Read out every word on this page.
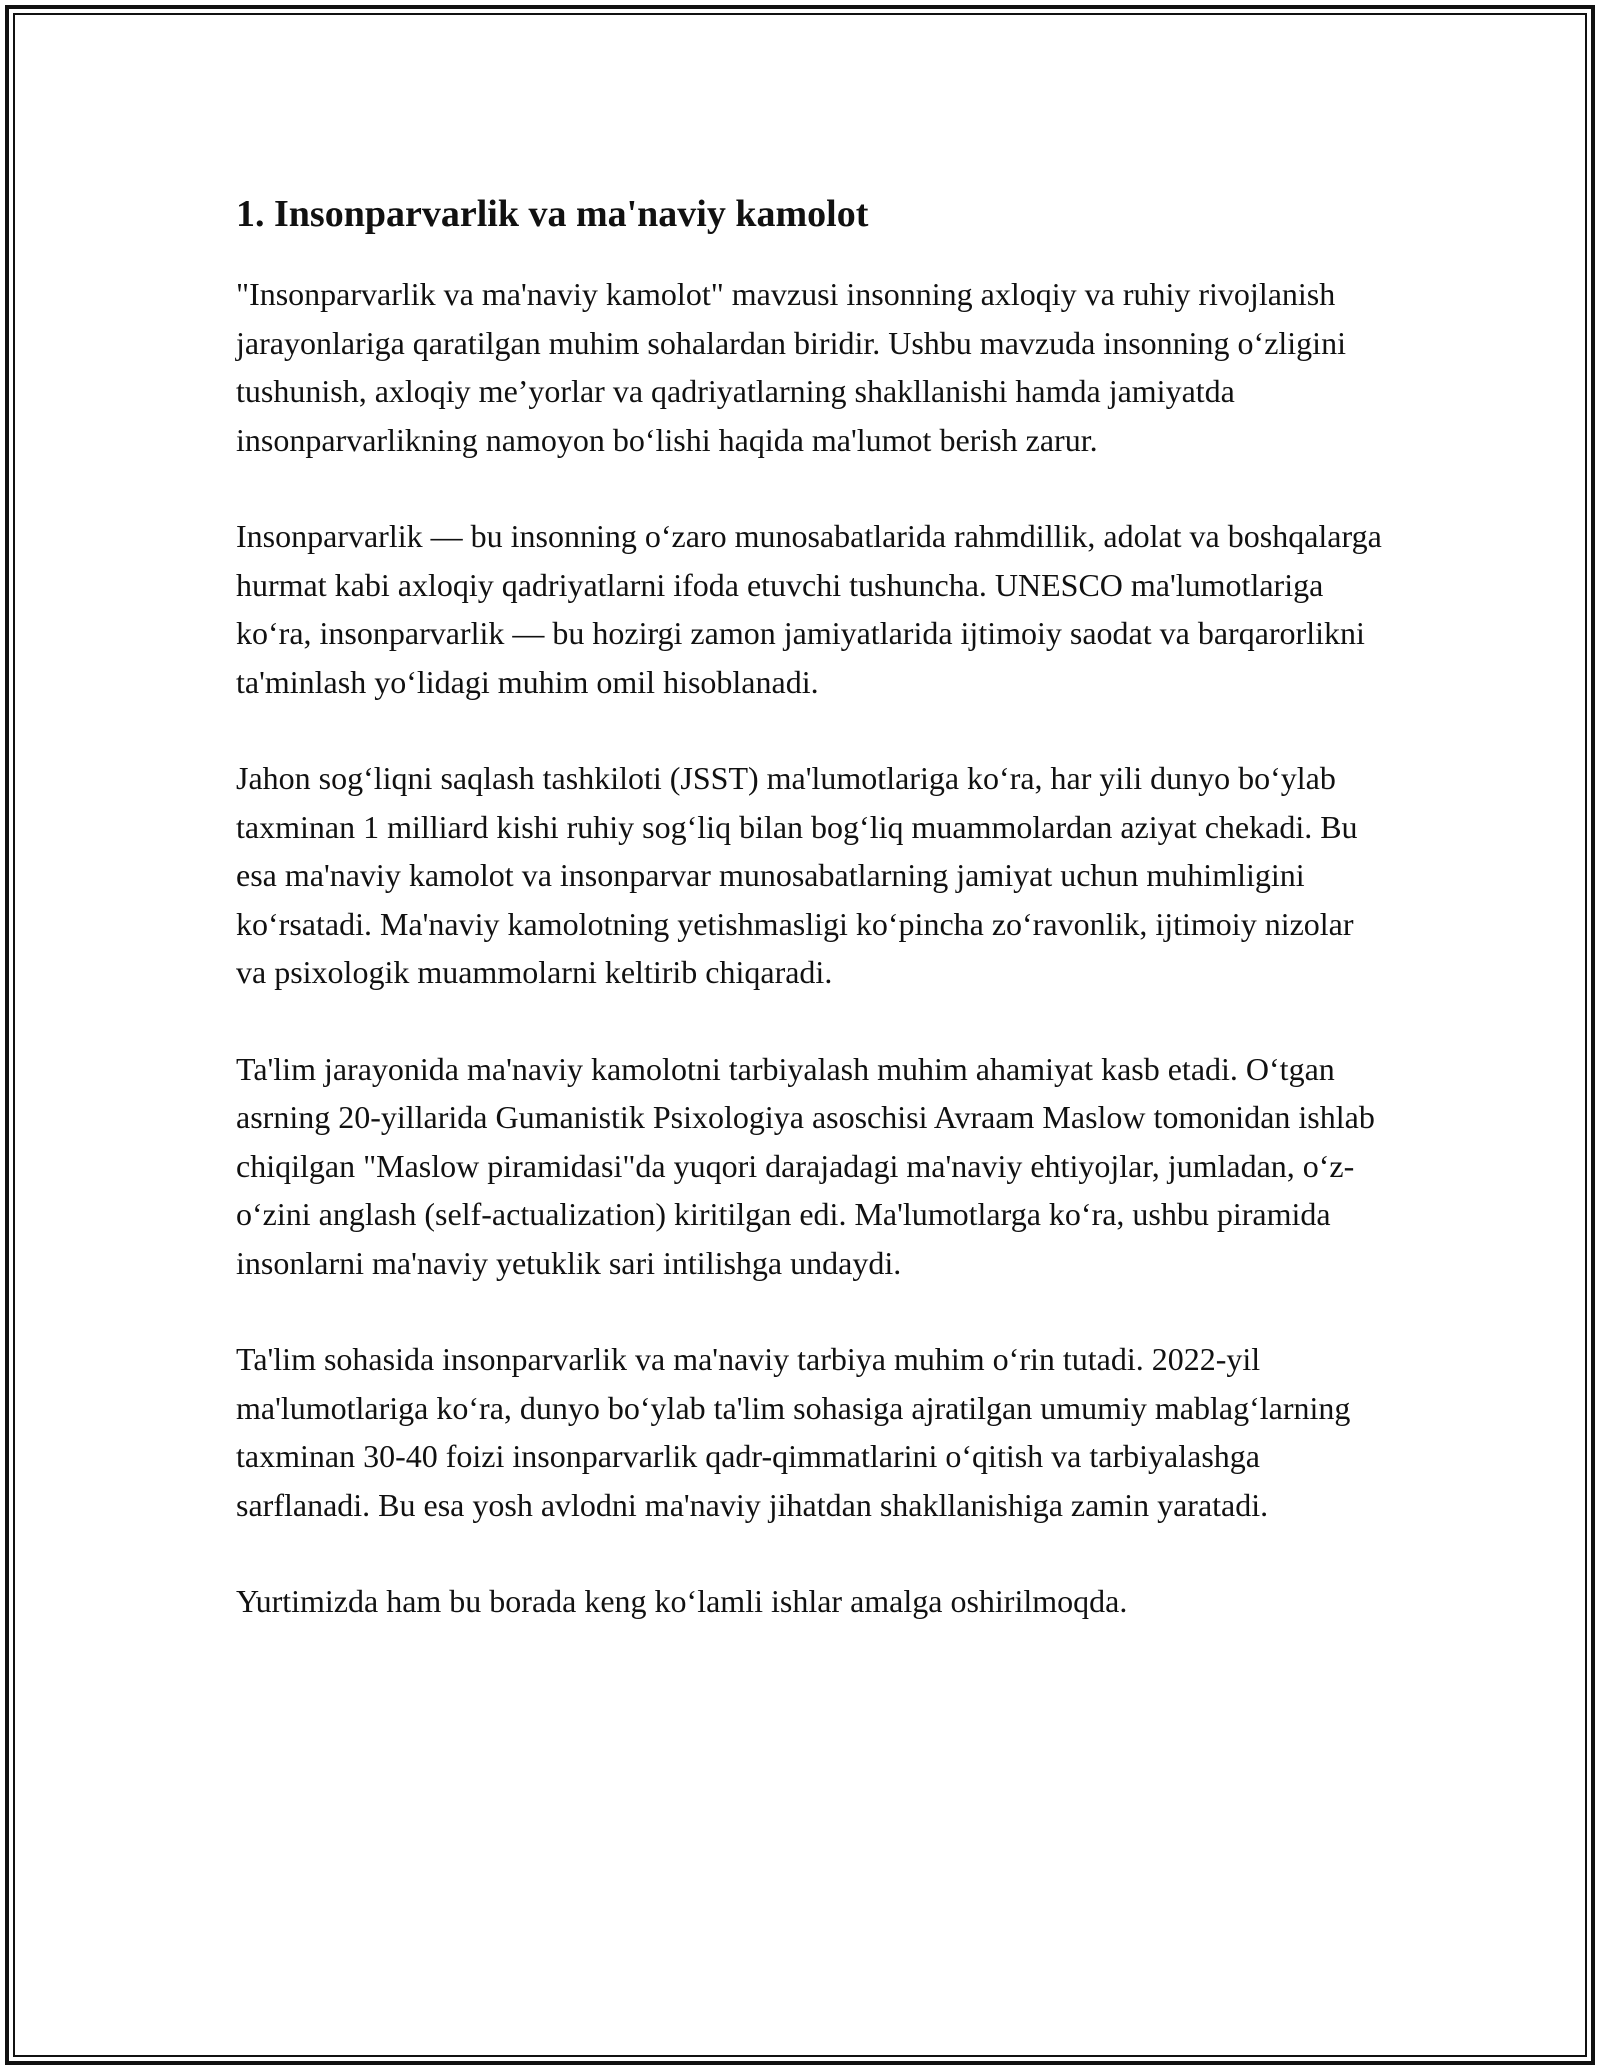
1. Insonparvarlik va ma'naviy kamolot

"Insonparvarlik va ma'naviy kamolot" mavzusi insonning axloqiy va ruhiy rivojlanish jarayonlariga qaratilgan muhim sohalardan biridir. Ushbu mavzuda insonning o‘zligini tushunish, axloqiy me’yorlar va qadriyatlarning shakllanishi hamda jamiyatda insonparvarlikning namoyon bo‘lishi haqida ma'lumot berish zarur.

Insonparvarlik — bu insonning o‘zaro munosabatlarida rahmdillik, adolat va boshqalarga hurmat kabi axloqiy qadriyatlarni ifoda etuvchi tushuncha. UNESCO ma'lumotlariga ko‘ra, insonparvarlik — bu hozirgi zamon jamiyatlarida ijtimoiy saodat va barqarorlikni ta'minlash yo‘lidagi muhim omil hisoblanadi.

Jahon sog‘liqni saqlash tashkiloti (JSST) ma'lumotlariga ko‘ra, har yili dunyo bo‘ylab taxminan 1 milliard kishi ruhiy sog‘liq bilan bog‘liq muammolardan aziyat chekadi. Bu esa ma'naviy kamolot va insonparvar munosabatlarning jamiyat uchun muhimligini ko‘rsatadi. Ma'naviy kamolotning yetishmasligi ko‘pincha zo‘ravonlik, ijtimoiy nizolar va psixologik muammolarni keltirib chiqaradi.

Ta'lim jarayonida ma'naviy kamolotni tarbiyalash muhim ahamiyat kasb etadi. O‘tgan asrning 20-yillarida Gumanistik Psixologiya asoschisi Avraam Maslow tomonidan ishlab chiqilgan "Maslow piramidasi"da yuqori darajadagi ma'naviy ehtiyojlar, jumladan, o‘z-o‘zini anglash (self-actualization) kiritilgan edi. Ma'lumotlarga ko‘ra, ushbu piramida insonlarni ma'naviy yetuklik sari intilishga undaydi.

Ta'lim sohasida insonparvarlik va ma'naviy tarbiya muhim o‘rin tutadi. 2022-yil ma'lumotlariga ko‘ra, dunyo bo‘ylab ta'lim sohasiga ajratilgan umumiy mablag‘larning taxminan 30-40 foizi insonparvarlik qadr-qimmatlarini o‘qitish va tarbiyalashga sarflanadi. Bu esa yosh avlodni ma'naviy jihatdan shakllanishiga zamin yaratadi.

Yurtimizda ham bu borada keng ko‘lamli ishlar amalga oshirilmoqda.
